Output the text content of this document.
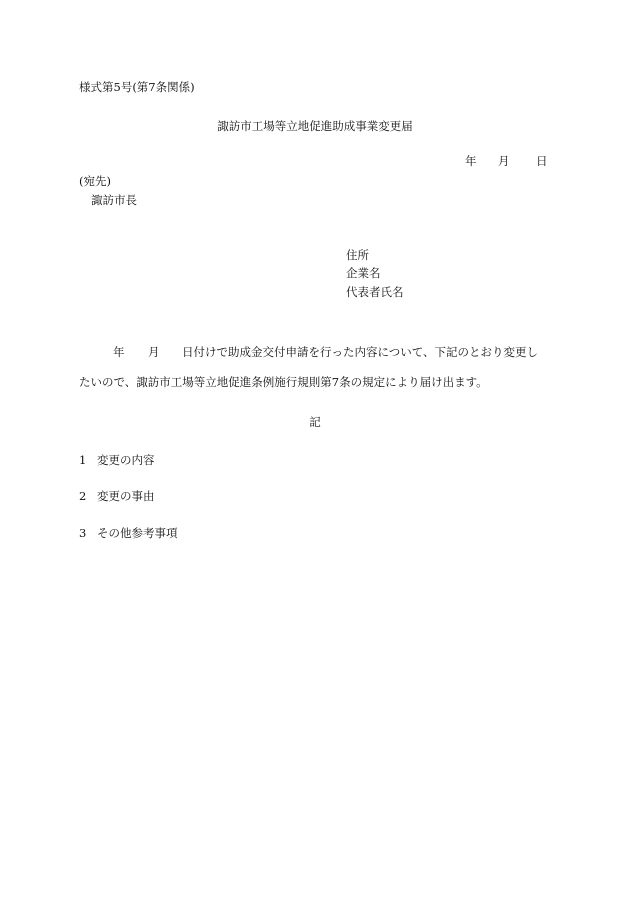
様式第5号(第7条関係)
諏訪市工場等立地促進助成事業変更届
年 月 日
(宛先)
諏訪市長
住所
企業名
代表者氏名
年 月 日付けで助成金交付申請を行った内容について、下記のとおり変更し
たいので、諏訪市工場等立地促進条例施行規則第7条の規定により届け出ます。
記
1 変更の内容
2 変更の事由
3 その他参考事項
